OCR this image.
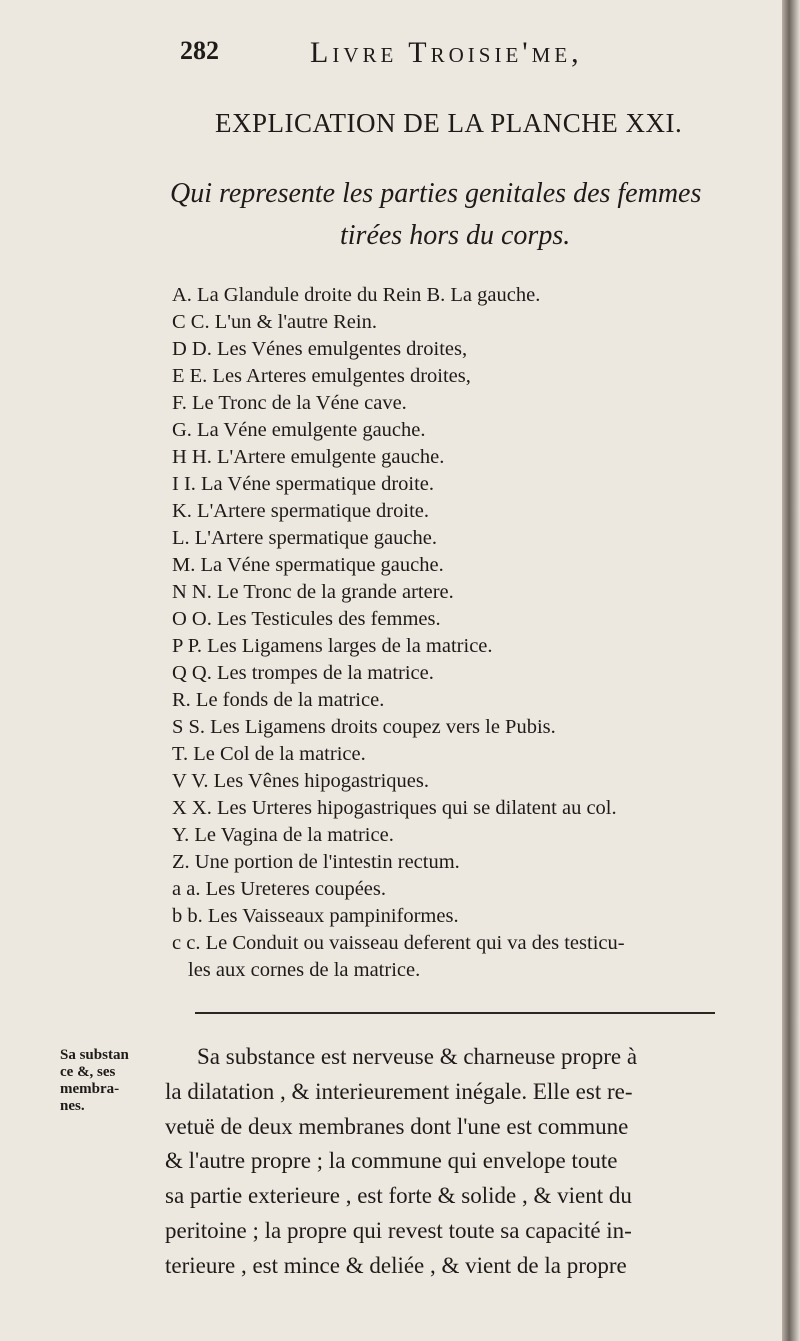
282	Livre Troisie'me,
EXPLICATION DE LA PLANCHE XXI.
Qui represente les parties genitales des femmes
tirées hors du corps.
A. La Glandule droite du Rein B. La gauche.
C C. L'un & l'autre Rein.
D D. Les Vénes emulgentes droites,
E E. Les Arteres emulgentes droites,
F. Le Tronc de la Véne cave.
G. La Véne emulgente gauche.
H H. L'Artere emulgente gauche.
I I. La Véne spermatique droite.
K. L'Artere spermatique droite.
L. L'Artere spermatique gauche.
M. La Véne spermatique gauche.
N N. Le Tronc de la grande artere.
O O. Les Testicules des femmes.
P P. Les Ligamens larges de la matrice.
Q Q. Les trompes de la matrice.
R. Le fonds de la matrice.
S S. Les Ligamens droits coupez vers le Pubis.
T. Le Col de la matrice.
V V. Les Vênes hipogastriques.
X X. Les Urteres hipogastriques qui se dilatent au col.
Y. Le Vagina de la matrice.
Z. Une portion de l'intestin rectum.
a a. Les Ureteres coupées.
b b. Les Vaisseaux pampiniformes.
c c. Le Conduit ou vaisseau deferent qui va des testicu-
les aux cornes de la matrice.
Sa substan
ce &, ses
membra-
nes.
Sa substance est nerveuse & charneuse propre à
la dilatation , & interieurement inégale. Elle est re-
vetuë de deux membranes dont l'une est commune
& l'autre propre ; la commune qui envelope toute
sa partie exterieure , est forte & solide , & vient du
peritoine ; la propre qui revest toute sa capacité in-
terieure , est mince & deliée , & vient de la propre
